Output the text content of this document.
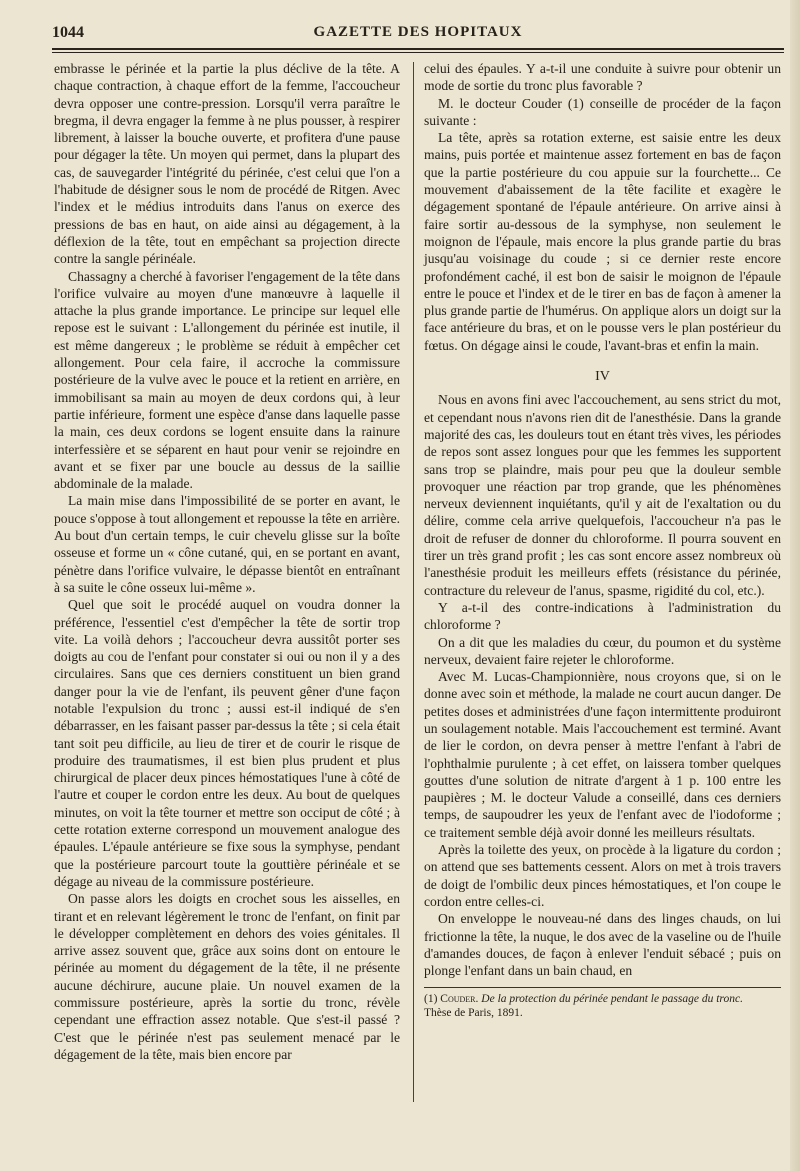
1044	GAZETTE DES HOPITAUX

embrasse le périnée et la partie la plus déclive de la tête. A chaque contraction, à chaque effort de la femme, l'accoucheur devra opposer une contre-pression. Lorsqu'il verra paraître le bregma, il devra engager la femme à ne plus pousser, à respirer librement, à laisser la bouche ouverte, et profitera d'une pause pour dégager la tête. Un moyen qui permet, dans la plupart des cas, de sauvegarder l'intégrité du périnée, c'est celui que l'on a l'habitude de désigner sous le nom de procédé de Ritgen. Avec l'index et le médius introduits dans l'anus on exerce des pressions de bas en haut, on aide ainsi au dégagement, à la déflexion de la tête, tout en empêchant sa projection directe contre la sangle périnéale.

Chassagny a cherché à favoriser l'engagement de la tête dans l'orifice vulvaire au moyen d'une manœuvre à laquelle il attache la plus grande importance. Le principe sur lequel elle repose est le suivant : L'allongement du périnée est inutile, il est même dangereux ; le problème se réduit à empêcher cet allongement. Pour cela faire, il accroche la commissure postérieure de la vulve avec le pouce et la retient en arrière, en immobilisant sa main au moyen de deux cordons qui, à leur partie inférieure, forment une espèce d'anse dans laquelle passe la main, ces deux cordons se logent ensuite dans la rainure interfessière et se séparent en haut pour venir se rejoindre en avant et se fixer par une boucle au dessus de la saillie abdominale de la malade.

La main mise dans l'impossibilité de se porter en avant, le pouce s'oppose à tout allongement et repousse la tête en arrière. Au bout d'un certain temps, le cuir chevelu glisse sur la boîte osseuse et forme un « cône cutané, qui, en se portant en avant, pénètre dans l'orifice vulvaire, le dépasse bientôt en entraînant à sa suite le cône osseux lui-même ».

Quel que soit le procédé auquel on voudra donner la préférence, l'essentiel c'est d'empêcher la tête de sortir trop vite. La voilà dehors ; l'accoucheur devra aussitôt porter ses doigts au cou de l'enfant pour constater si oui ou non il y a des circulaires. Sans que ces derniers constituent un bien grand danger pour la vie de l'enfant, ils peuvent gêner d'une façon notable l'expulsion du tronc ; aussi est-il indiqué de s'en débarrasser, en les faisant passer par-dessus la tête ; si cela était tant soit peu difficile, au lieu de tirer et de courir le risque de produire des traumatismes, il est bien plus prudent et plus chirurgical de placer deux pinces hémostatiques l'une à côté de l'autre et couper le cordon entre les deux. Au bout de quelques minutes, on voit la tête tourner et mettre son occiput de côté ; à cette rotation externe correspond un mouvement analogue des épaules. L'épaule antérieure se fixe sous la symphyse, pendant que la postérieure parcourt toute la gouttière périnéale et se dégage au niveau de la commissure postérieure.

On passe alors les doigts en crochet sous les aisselles, en tirant et en relevant légèrement le tronc de l'enfant, on finit par le développer complètement en dehors des voies génitales. Il arrive assez souvent que, grâce aux soins dont on entoure le périnée au moment du dégagement de la tête, il ne présente aucune déchirure, aucune plaie. Un nouvel examen de la commissure postérieure, après la sortie du tronc, révèle cependant une effraction assez notable. Que s'est-il passé ? C'est que le périnée n'est pas seulement menacé par le dégagement de la tête, mais bien encore par

celui des épaules. Y a-t-il une conduite à suivre pour obtenir un mode de sortie du tronc plus favorable ?

M. le docteur Couder (1) conseille de procéder de la façon suivante :

La tête, après sa rotation externe, est saisie entre les deux mains, puis portée et maintenue assez fortement en bas de façon que la partie postérieure du cou appuie sur la fourchette... Ce mouvement d'abaissement de la tête facilite et exagère le dégagement spontané de l'épaule antérieure. On arrive ainsi à faire sortir au-dessous de la symphyse, non seulement le moignon de l'épaule, mais encore la plus grande partie du bras jusqu'au voisinage du coude ; si ce dernier reste encore profondément caché, il est bon de saisir le moignon de l'épaule entre le pouce et l'index et de le tirer en bas de façon à amener la plus grande partie de l'humérus. On applique alors un doigt sur la face antérieure du bras, et on le pousse vers le plan postérieur du fœtus. On dégage ainsi le coude, l'avant-bras et enfin la main.

IV

Nous en avons fini avec l'accouchement, au sens strict du mot, et cependant nous n'avons rien dit de l'anesthésie. Dans la grande majorité des cas, les douleurs tout en étant très vives, les périodes de repos sont assez longues pour que les femmes les supportent sans trop se plaindre, mais pour peu que la douleur semble provoquer une réaction par trop grande, que les phénomènes nerveux deviennent inquiétants, qu'il y ait de l'exaltation ou du délire, comme cela arrive quelquefois, l'accoucheur n'a pas le droit de refuser de donner du chloroforme. Il pourra souvent en tirer un très grand profit ; les cas sont encore assez nombreux où l'anesthésie produit les meilleurs effets (résistance du périnée, contracture du releveur de l'anus, spasme, rigidité du col, etc.).

Y a-t-il des contre-indications à l'administration du chloroforme ?

On a dit que les maladies du cœur, du poumon et du système nerveux, devaient faire rejeter le chloroforme.

Avec M. Lucas-Championnière, nous croyons que, si on le donne avec soin et méthode, la malade ne court aucun danger. De petites doses et administrées d'une façon intermittente produiront un soulagement notable. Mais l'accouchement est terminé. Avant de lier le cordon, on devra penser à mettre l'enfant à l'abri de l'ophthalmie purulente ; à cet effet, on laissera tomber quelques gouttes d'une solution de nitrate d'argent à 1 p. 100 entre les paupières ; M. le docteur Valude a conseillé, dans ces derniers temps, de saupoudrer les yeux de l'enfant avec de l'iodoforme ; ce traitement semble déjà avoir donné les meilleurs résultats.

Après la toilette des yeux, on procède à la ligature du cordon ; on attend que ses battements cessent. Alors on met à trois travers de doigt de l'ombilic deux pinces hémostatiques, et l'on coupe le cordon entre celles-ci.

On enveloppe le nouveau-né dans des linges chauds, on lui frictionne la tête, la nuque, le dos avec de la vaseline ou de l'huile d'amandes douces, de façon à enlever l'enduit sébacé ; puis on plonge l'enfant dans un bain chaud, en

(1) Couder. De la protection du périnée pendant le passage du tronc.
Thèse de Paris, 1891.
